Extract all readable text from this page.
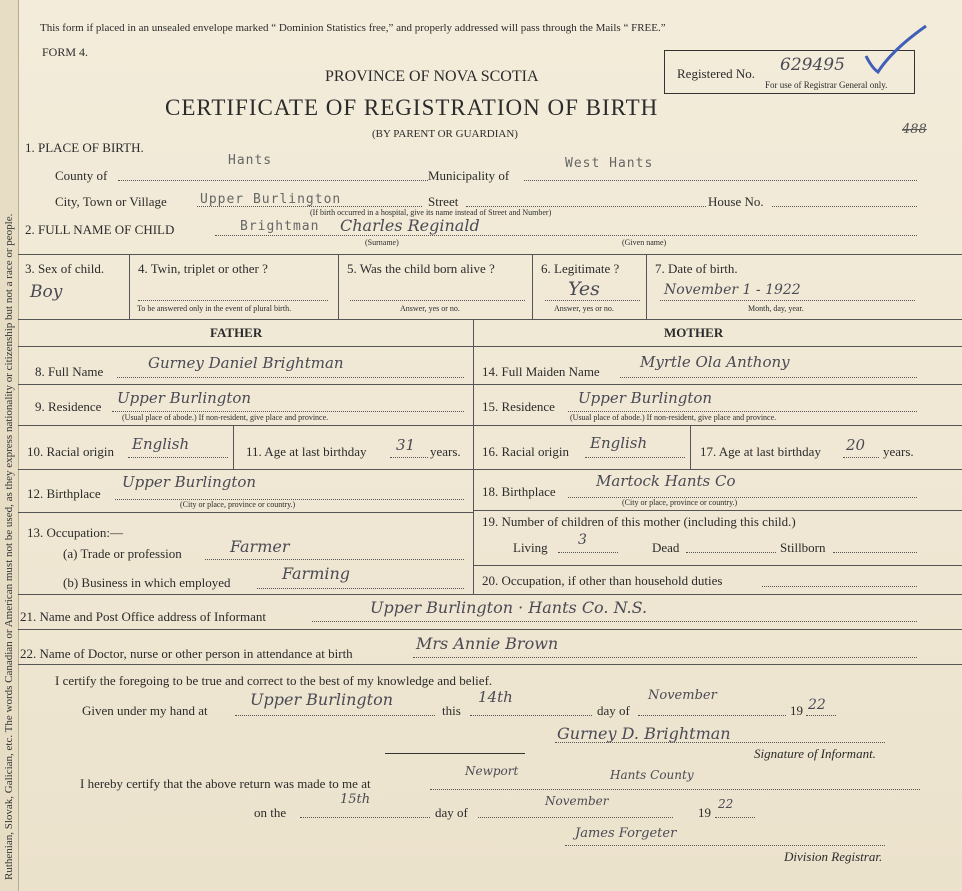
Ruthenian, Slovak, Galician, etc. The words Canadian or American must not be used, as they express nationality or citizenship but not a race or people.
This form if placed in an unsealed envelope marked “ Dominion Statistics free,” and properly addressed will pass through the Mails “ FREE.”
FORM 4.
PROVINCE OF NOVA SCOTIA
CERTIFICATE OF REGISTRATION OF BIRTH
(BY PARENT OR GUARDIAN)
Registered No. 629495
For use of Registrar General only.
488
1. PLACE OF BIRTH.
County of
Hants
Municipality of
West Hants
City, Town or Village	Upper Burlington	Street	House No.
(If birth occurred in a hospital, give its name instead of Street and Number)
2. FULL NAME OF CHILD	Brightman Charles Reginald
(Surname)	(Given name)
3. Sex of child.
Boy
4. Twin, triplet or other ?
To be answered only in the event of plural birth.
5. Was the child born alive ?
Answer, yes or no.
6. Legitimate ?
Yes
Answer, yes or no.
7. Date of birth.
November 1 - 1922
Month, day, year.
FATHER	MOTHER
8. Full Name	Gurney Daniel Brightman
9. Residence Upper Burlington
(Usual place of abode.) If non-resident, give place and province.
10. Racial origin English	11. Age at last birthday 31 years.
12. Birthplace
Upper Burlington
(City or place, province or country.)
13. Occupation:—
(a) Trade or profession	Farmer
(b) Business in which employed	Farming
14. Full Maiden Name
Myrtle Ola Anthony
15. Residence Upper Burlington
(Usual place of abode.) If non-resident, give place and province.
16. Racial origin English	17. Age at last birthday 20 years.
18. Birthplace
Martock Hants Co
(City or place, province or country.)
19. Number of children of this mother (including this child.)
Living 3	Dead	Stillborn
20. Occupation, if other than household duties
21. Name and Post Office address of Informant	Upper Burlington · Hants Co. N.S.
22. Name of Doctor, nurse or other person in attendance at birth
Mrs Annie Brown
I certify the foregoing to be true and correct to the best of my knowledge and belief.
Given under my hand at
Upper Burlington
this
14th
day of
November
19 22
Gurney D. Brightman
Signature of Informant.
I hereby certify that the above return was made to me at
Newport	Hants County
on the
15th
day of
November
19
22
James Forgeter
Division Registrar.
